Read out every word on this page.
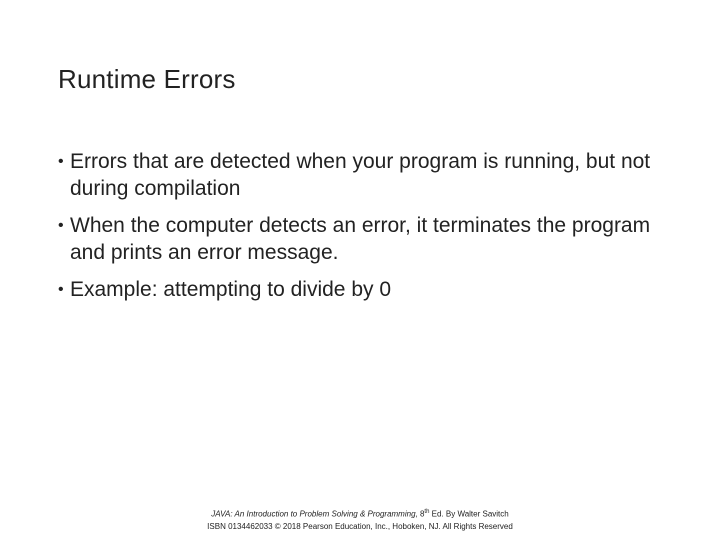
Runtime Errors
• Errors that are detected when your program is running, but not during compilation
• When the computer detects an error, it terminates the program and prints an error message.
• Example: attempting to divide by 0
JAVA: An Introduction to Problem Solving & Programming, 8th Ed. By Walter Savitch
ISBN 0134462033 © 2018 Pearson Education, Inc., Hoboken, NJ. All Rights Reserved
